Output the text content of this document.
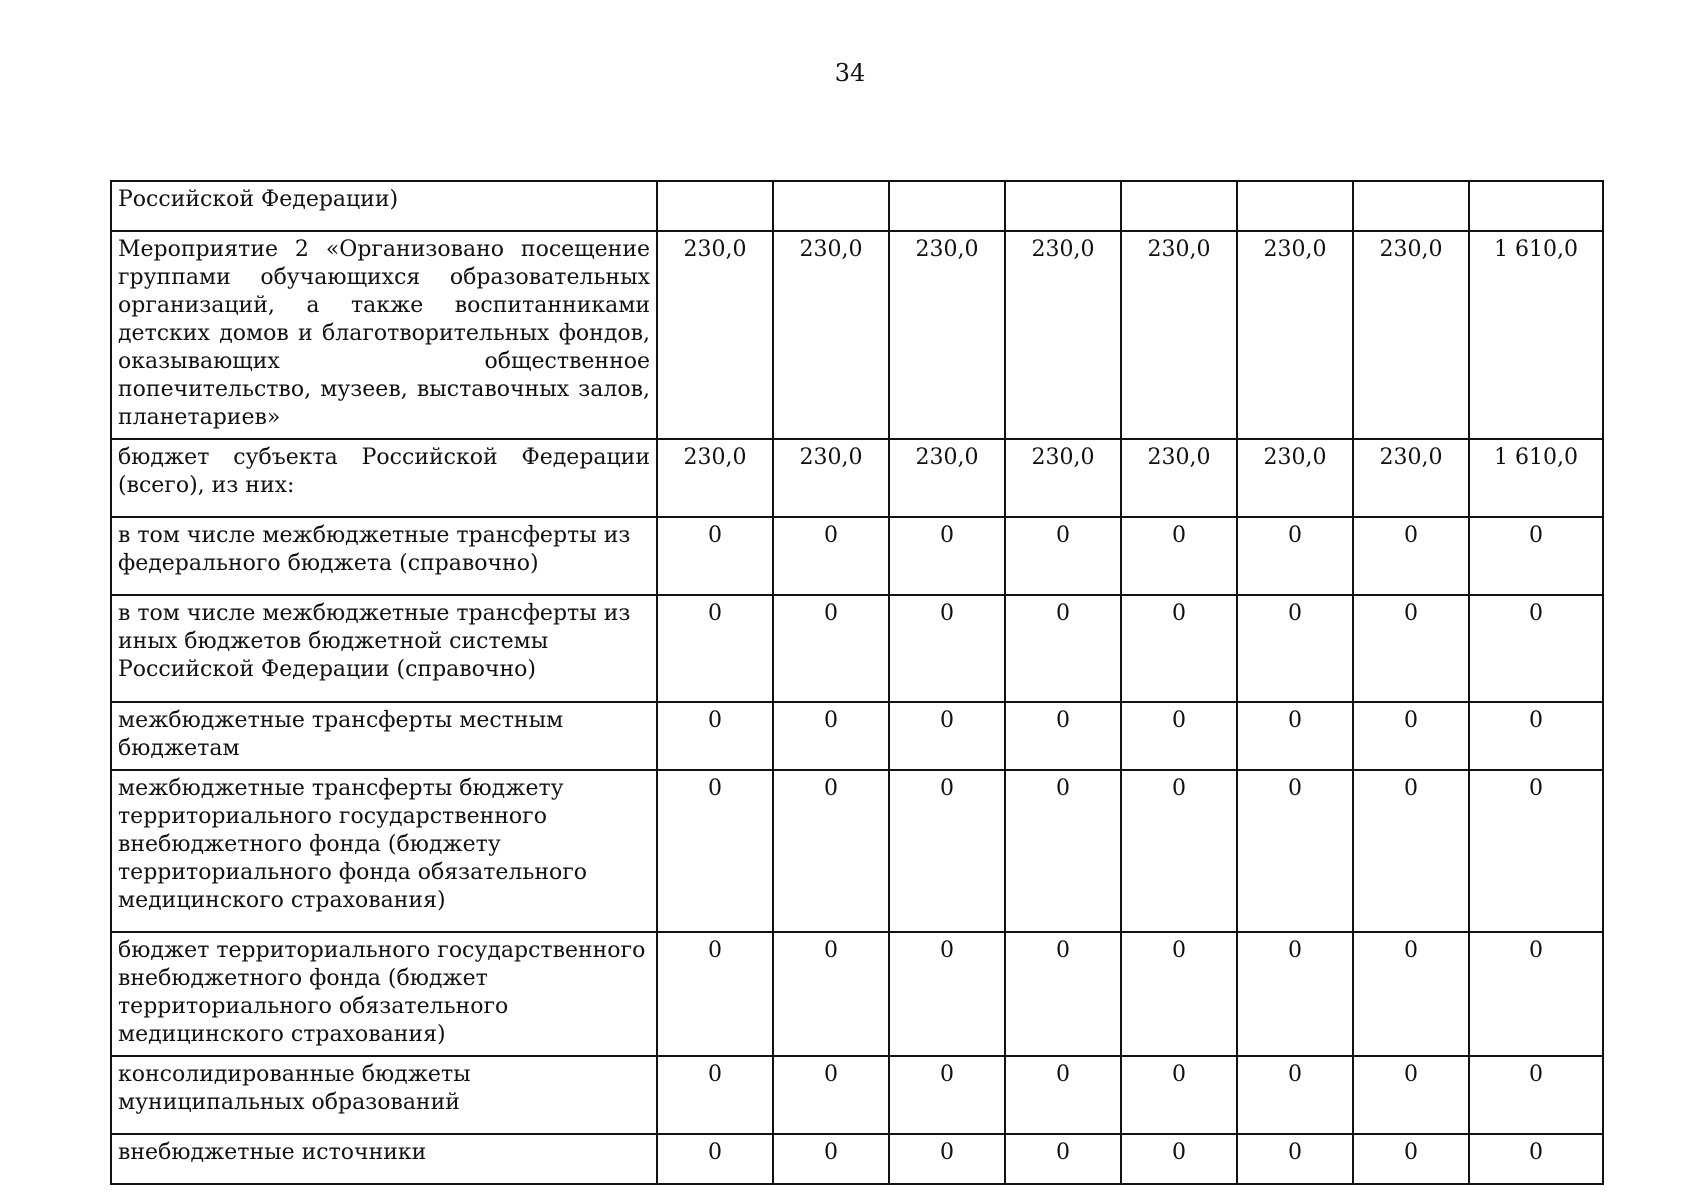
34
Российской Федерации)								
Мероприятие 2 «Организовано посещение группами обучающихся образовательных организаций, а также воспитанниками детских домов и благотворительных фондов, оказывающих общественное попечительство, музеев, выставочных залов, планетариев»	230,0	230,0	230,0	230,0	230,0	230,0	230,0	1 610,0
бюджет субъекта Российской Федерации (всего), из них:	230,0	230,0	230,0	230,0	230,0	230,0	230,0	1 610,0
в том числе межбюджетные трансферты из федерального бюджета (справочно)	0	0	0	0	0	0	0	0
в том числе межбюджетные трансферты из иных бюджетов бюджетной системы Российской Федерации (справочно)	0	0	0	0	0	0	0	0
межбюджетные трансферты местным бюджетам	0	0	0	0	0	0	0	0
межбюджетные трансферты бюджету территориального государственного внебюджетного фонда (бюджету территориального фонда обязательного медицинского страхования)	0	0	0	0	0	0	0	0
бюджет территориального государственного внебюджетного фонда (бюджет территориального обязательного медицинского страхования)	0	0	0	0	0	0	0	0
консолидированные бюджеты муниципальных образований	0	0	0	0	0	0	0	0
внебюджетные источники	0	0	0	0	0	0	0	0
